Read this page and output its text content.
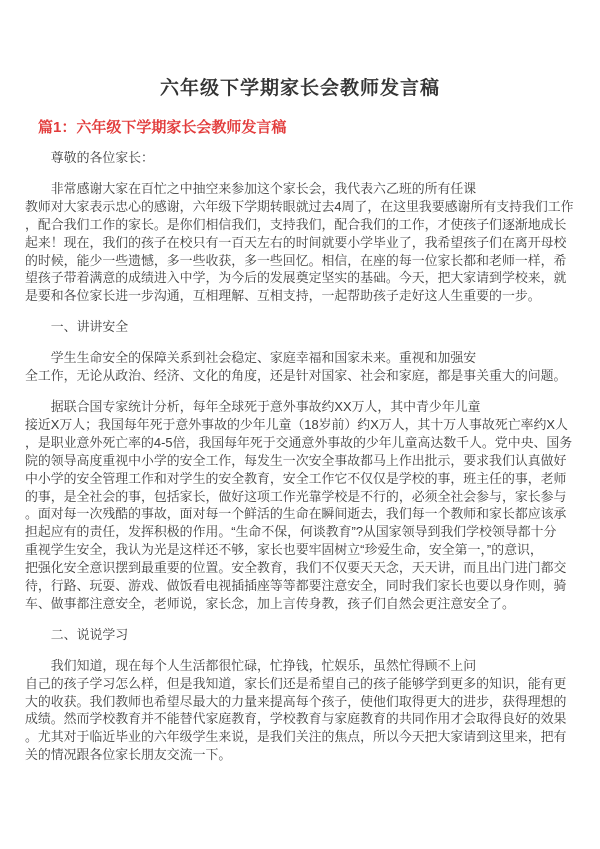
六年级下学期家长会教师发言稿
篇1：六年级下学期家长会教师发言稿

尊敬的各位家长：

非常感谢大家在百忙之中抽空来参加这个家长会，我代表六乙班的所有任课
教师对大家表示忠心的感谢，六年级下学期转眼就过去4周了，在这里我要感谢所有支持我们工作
，配合我们工作的家长。是你们相信我们，支持我们，配合我们的工作，才使孩子们逐渐地成长
起来！现在，我们的孩子在校只有一百天左右的时间就要小学毕业了，我希望孩子们在离开母校
的时候，能少一些遗憾，多一些收获，多一些回忆。相信，在座的每一位家长都和老师一样，希
望孩子带着满意的成绩进入中学，为今后的发展奠定坚实的基础。今天，把大家请到学校来，就
是要和各位家长进一步沟通，互相理解、互相支持，一起帮助孩子走好这人生重要的一步。

一、讲讲安全

学生生命安全的保障关系到社会稳定、家庭幸福和国家未来。重视和加强安
全工作，无论从政治、经济、文化的角度，还是针对国家、社会和家庭，都是事关重大的问题。

据联合国专家统计分析，每年全球死于意外事故约XX万人，其中青少年儿童
接近X万人；我国每年死于意外事故的少年儿童（18岁前）约X万人，其十万人事故死亡率约X人
，是职业意外死亡率的4-5倍，我国每年死于交通意外事故的少年儿童高达数千人。党中央、国务
院的领导高度重视中小学的安全工作，每发生一次安全事故都马上作出批示，要求我们认真做好
中小学的安全管理工作和对学生的安全教育，安全工作它不仅仅是学校的事，班主任的事，老师
的事，是全社会的事，包括家长，做好这项工作光靠学校是不行的，必须全社会参与，家长参与
。面对每一次残酷的事故，面对每一个鲜活的生命在瞬间逝去，我们每一个教师和家长都应该承
担起应有的责任，发挥积极的作用。“生命不保，何谈教育”?从国家领导到我们学校领导都十分
重视学生安全，我认为光是这样还不够，家长也要牢固树立“珍爱生命，安全第一，”的意识，
把强化安全意识摆到最重要的位置。安全教育，我们不仅要天天念，天天讲，而且出门进门都交
待，行路、玩耍、游戏、做饭看电视插插座等等都要注意安全，同时我们家长也要以身作则，骑
车、做事都注意安全，老师说，家长念，加上言传身教，孩子们自然会更注意安全了。

二、说说学习

我们知道，现在每个人生活都很忙碌，忙挣钱，忙娱乐，虽然忙得顾不上问
自己的孩子学习怎么样，但是我知道，家长们还是希望自己的孩子能够学到更多的知识，能有更
大的收获。我们教师也希望尽最大的力量来提高每个孩子，使他们取得更大的进步，获得理想的
成绩。然而学校教育并不能替代家庭教育，学校教育与家庭教育的共同作用才会取得良好的效果
。尤其对于临近毕业的六年级学生来说，是我们关注的焦点，所以今天把大家请到这里来，把有
关的情况跟各位家长朋友交流一下。
